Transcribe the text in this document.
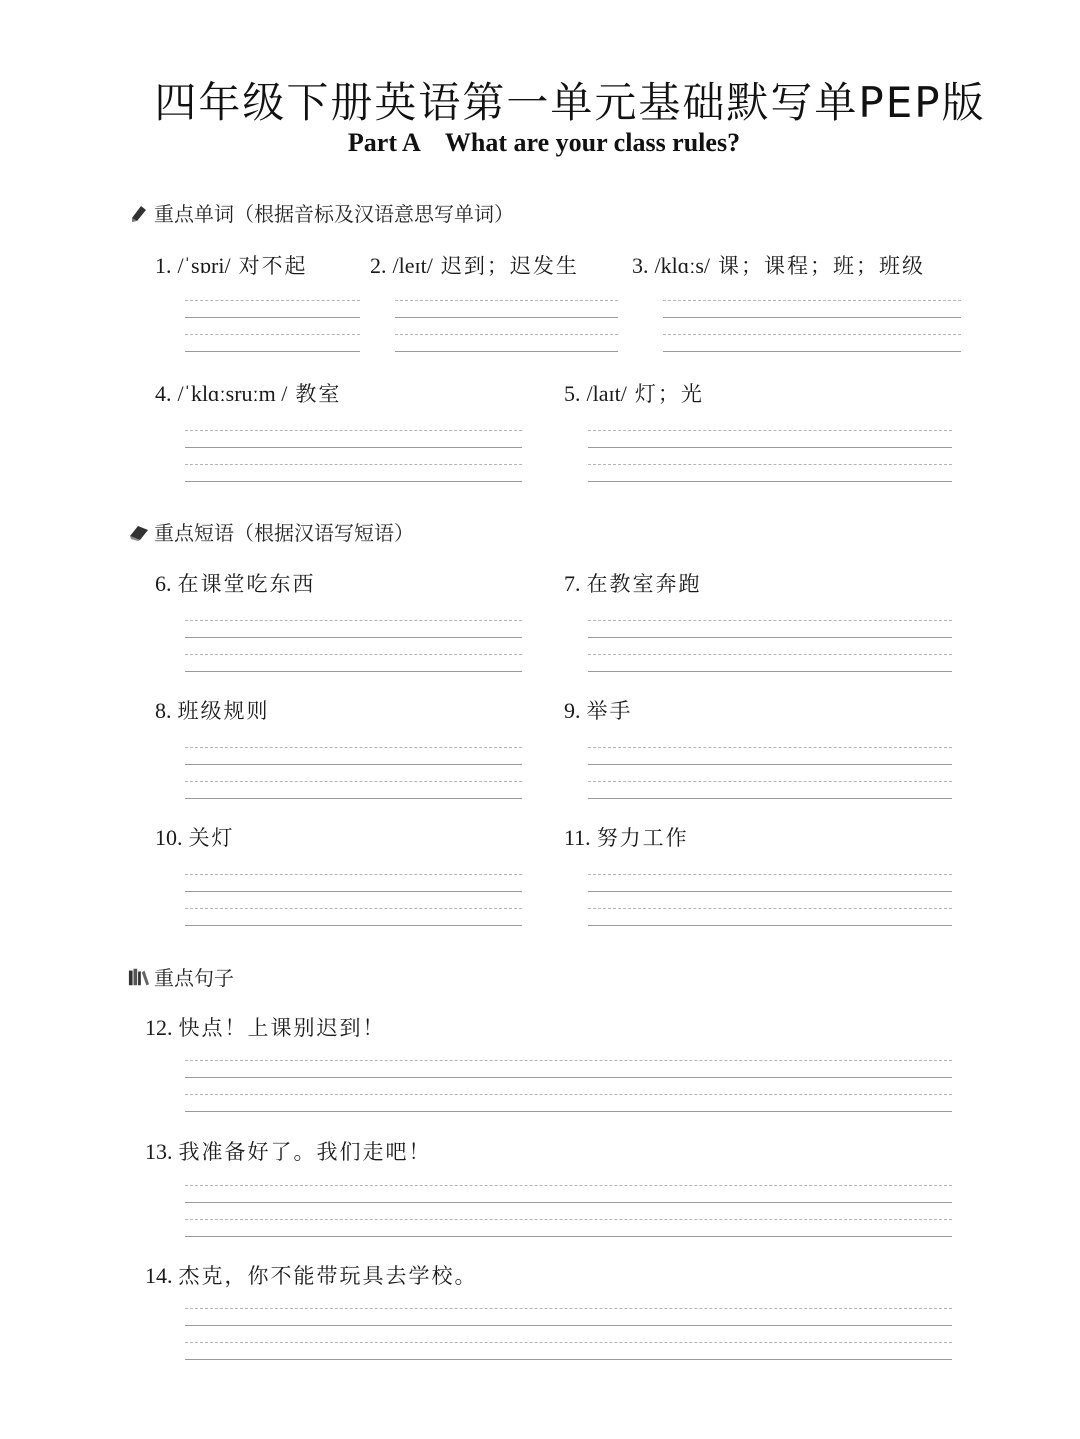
四年级下册英语第一单元基础默写单PEP版
Part A    What are your class rules?
重点单词（根据音标及汉语意思写单词）
1. /ˈsɒri/ 对不起	2. /leɪt/ 迟到；迟发生 3. /klɑːs/ 课；课程；班；班级
4. /ˈklɑːsruːm / 教室	5. /laɪt/ 灯；光
重点短语（根据汉语写短语）
6. 在课堂吃东西	7. 在教室奔跑
8. 班级规则	9. 举手
10. 关灯	11. 努力工作
重点句子
12. 快点！上课别迟到！
13. 我准备好了。我们走吧！
14. 杰克，你不能带玩具去学校。
